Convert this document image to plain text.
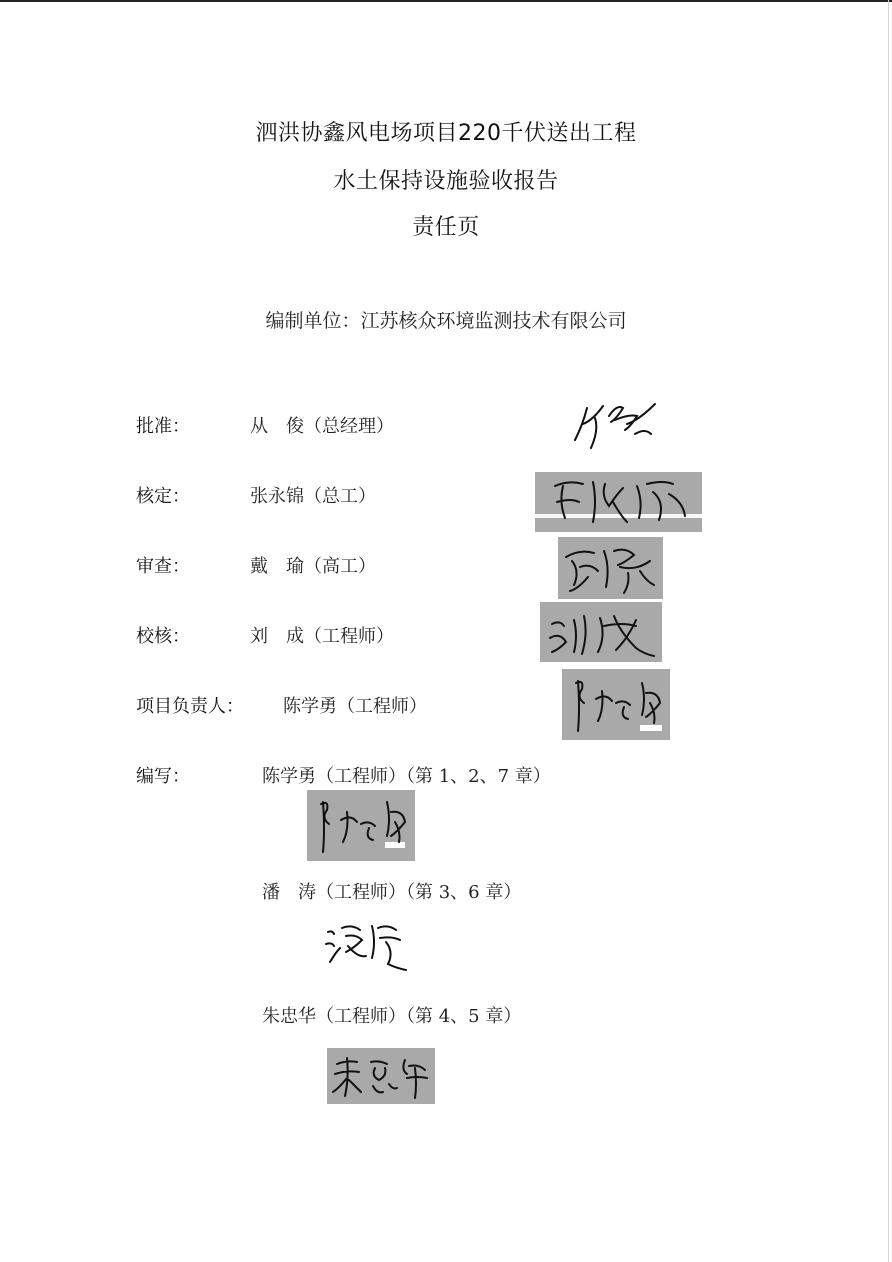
泗洪协鑫风电场项目220千伏送出工程
水土保持设施验收报告
责任页
编制单位：江苏核众环境监测技术有限公司
批准：	从　俊（总经理）
核定：	张永锦（总工）
审查：	戴　瑜（高工）
校核：	刘　成（工程师）
项目负责人： 陈学勇（工程师）
编写：	陈学勇（工程师）（第 1、2、7 章）
潘　涛（工程师）（第 3、6 章）
朱忠华（工程师）（第 4、5 章）
